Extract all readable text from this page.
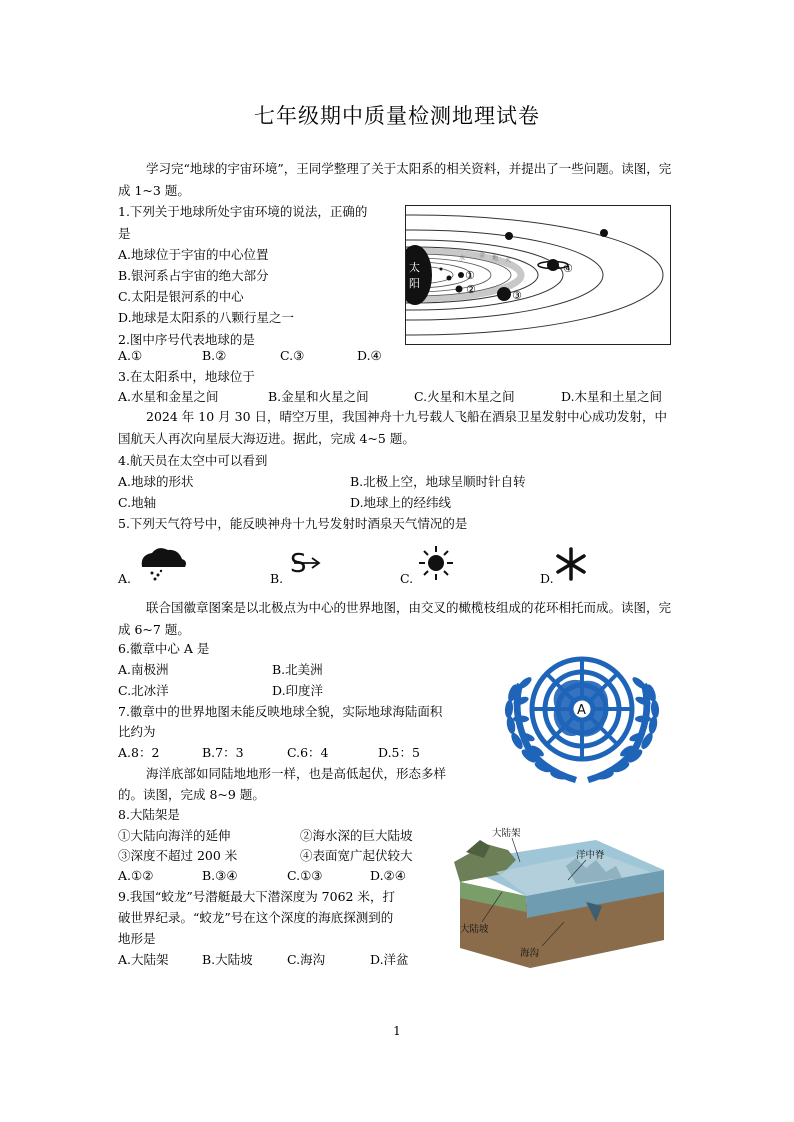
七年级期中质量检测地理试卷
学习完“地球的宇宙环境”，王同学整理了关于太阳系的相关资料，并提出了一些问题。读图，完成 1~3 题。
1.下列关于地球所处宇宙环境的说法，正确的
是
A.地球位于宇宙的中心位置
B.银河系占宇宙的绝大部分
C.太阳是银河系的中心
D.地球是太阳系的八颗行星之一
太
阳
水 金 地 火
①
②	③
④
2.图中序号代表地球的是
A.①	B.②	C.③	D.④
3.在太阳系中，地球位于
A.水星和金星之间	B.金星和火星之间	C.火星和木星之间	D.木星和土星之间
2024 年 10 月 30 日，晴空万里，我国神舟十九号载人飞船在酒泉卫星发射中心成功发射，中国航天人再次向星辰大海迈进。据此，完成 4~5 题。
4.航天员在太空中可以看到
A.地球的形状	B.北极上空，地球呈顺时针自转
C.地轴	D.地球上的经纬线
5.下列天气符号中，能反映神舟十九号发射时酒泉天气情况的是
A.	B. S	C.	D.
联合国徽章图案是以北极点为中心的世界地图，由交叉的橄榄枝组成的花环相托而成。读图，完成 6~7 题。
6.徽章中心 A 是
A.南极洲	B.北美洲
C.北冰洋	D.印度洋
A
7.徽章中的世界地图未能反映地球全貌，实际地球海陆面积
比约为
A.8：2	B.7：3	C.6：4	D.5：5
海洋底部如同陆地地形一样，也是高低起伏，形态多样
的。读图，完成 8~9 题。
8.大陆架是
①大陆向海洋的延伸	②海水深的巨大陆坡
③深度不超过 200 米	④表面宽广起伏较大
A.①②	B.③④	C.①③	D.②④
9.我国“蛟龙”号潜艇最大下潜深度为 7062 米，打
破世界纪录。“蛟龙”号在这个深度的海底探测到的
地形是
A.大陆架	B.大陆坡	C.海沟	D.洋盆
大陆架
洋中脊
大陆坡
海沟
1
